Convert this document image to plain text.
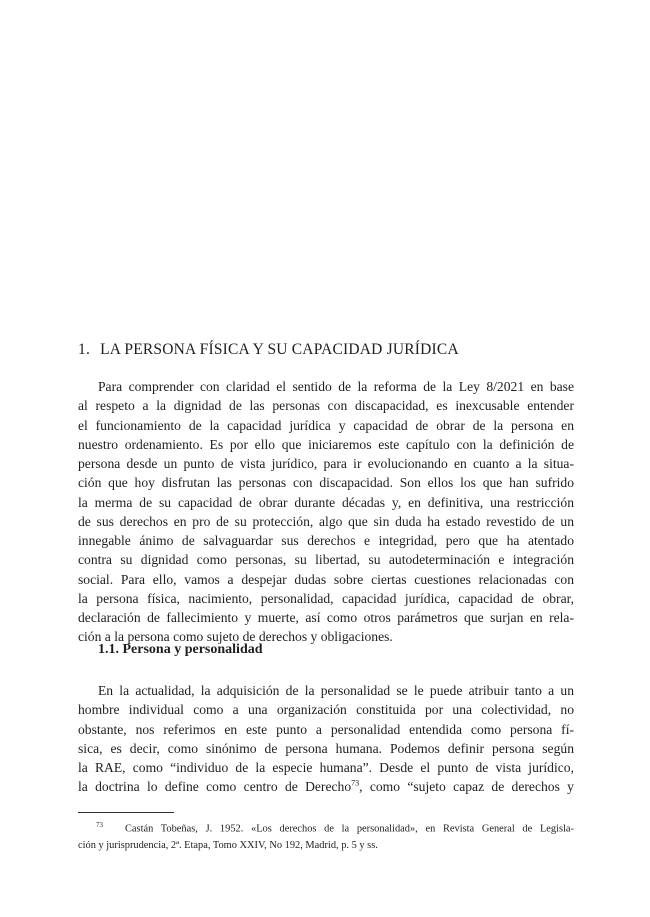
1. LA PERSONA FÍSICA Y SU CAPACIDAD JURÍDICA
Para comprender con claridad el sentido de la reforma de la Ley 8/2021 en base
al respeto a la dignidad de las personas con discapacidad, es inexcusable entender
el funcionamiento de la capacidad jurídica y capacidad de obrar de la persona en
nuestro ordenamiento. Es por ello que iniciaremos este capítulo con la definición de
persona desde un punto de vista jurídico, para ir evolucionando en cuanto a la situa-
ción que hoy disfrutan las personas con discapacidad. Son ellos los que han sufrido
la merma de su capacidad de obrar durante décadas y, en definitiva, una restricción
de sus derechos en pro de su protección, algo que sin duda ha estado revestido de un
innegable ánimo de salvaguardar sus derechos e integridad, pero que ha atentado
contra su dignidad como personas, su libertad, su autodeterminación e integración
social. Para ello, vamos a despejar dudas sobre ciertas cuestiones relacionadas con
la persona física, nacimiento, personalidad, capacidad jurídica, capacidad de obrar,
declaración de fallecimiento y muerte, así como otros parámetros que surjan en rela-
ción a la persona como sujeto de derechos y obligaciones.
1.1. Persona y personalidad
En la actualidad, la adquisición de la personalidad se le puede atribuir tanto a un
hombre individual como a una organización constituida por una colectividad, no
obstante, nos referimos en este punto a personalidad entendida como persona fí-
sica, es decir, como sinónimo de persona humana. Podemos definir persona según
la RAE, como “individuo de la especie humana”. Desde el punto de vista jurídico,
la doctrina lo define como centro de Derecho$^{73}$, como “sujeto capaz de derechos y
$^{73}$ Castán Tobeñas, J. 1952. «Los derechos de la personalidad», en Revista General de Legisla-
ción y jurisprudencia, 2ª. Etapa, Tomo XXIV, No 192, Madrid, p. 5 y ss.
